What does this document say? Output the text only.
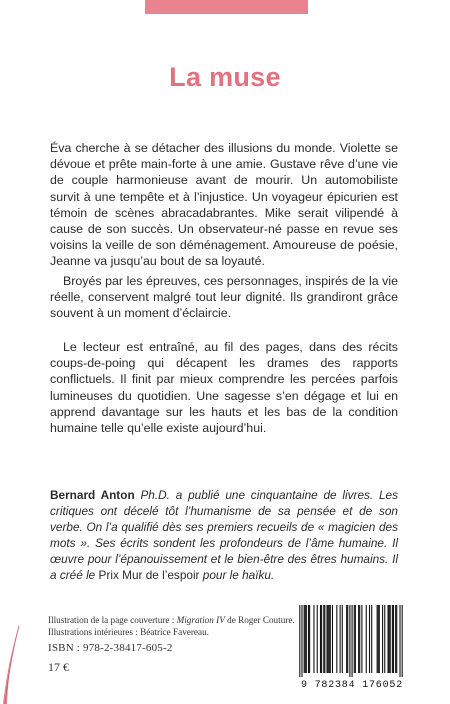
La muse

Éva cherche à se détacher des illusions du monde. Violette se dévoue et prête main-forte à une amie. Gustave rêve d’une vie de couple harmonieuse avant de mourir. Un automobiliste survit à une tempête et à l’injustice. Un voyageur épicurien est témoin de scènes abracadabrantes. Mike serait vilipendé à cause de son succès. Un observateur-né passe en revue ses voisins la veille de son déménagement. Amoureuse de poésie, Jeanne va jusqu’au bout de sa loyauté.

Broyés par les épreuves, ces personnages, inspirés de la vie réelle, conservent malgré tout leur dignité. Ils grandiront grâce souvent à un moment d’éclaircie.

Le lecteur est entraîné, au fil des pages, dans des récits coups-de-poing qui décapent les drames des rapports conflictuels. Il finit par mieux comprendre les percées parfois lumineuses du quotidien. Une sagesse s’en dégage et lui en apprend davantage sur les hauts et les bas de la condition humaine telle qu’elle existe aujourd’hui.

Bernard Anton Ph.D. a publié une cinquantaine de livres. Les critiques ont décelé tôt l’humanisme de sa pensée et de son verbe. On l’a qualifié dès ses premiers recueils de « magicien des mots ». Ses écrits sondent les profondeurs de l’âme humaine. Il œuvre pour l’épanouissement et le bien-être des êtres humains. Il a créé le Prix Mur de l’espoir pour le haïku.
Illustration de la page couverture : Migration IV de Roger Couture.
Illustrations intérieures : Béatrice Favereau.
ISBN : 978-2-38417-605-2
17 €
9 782384 176052
